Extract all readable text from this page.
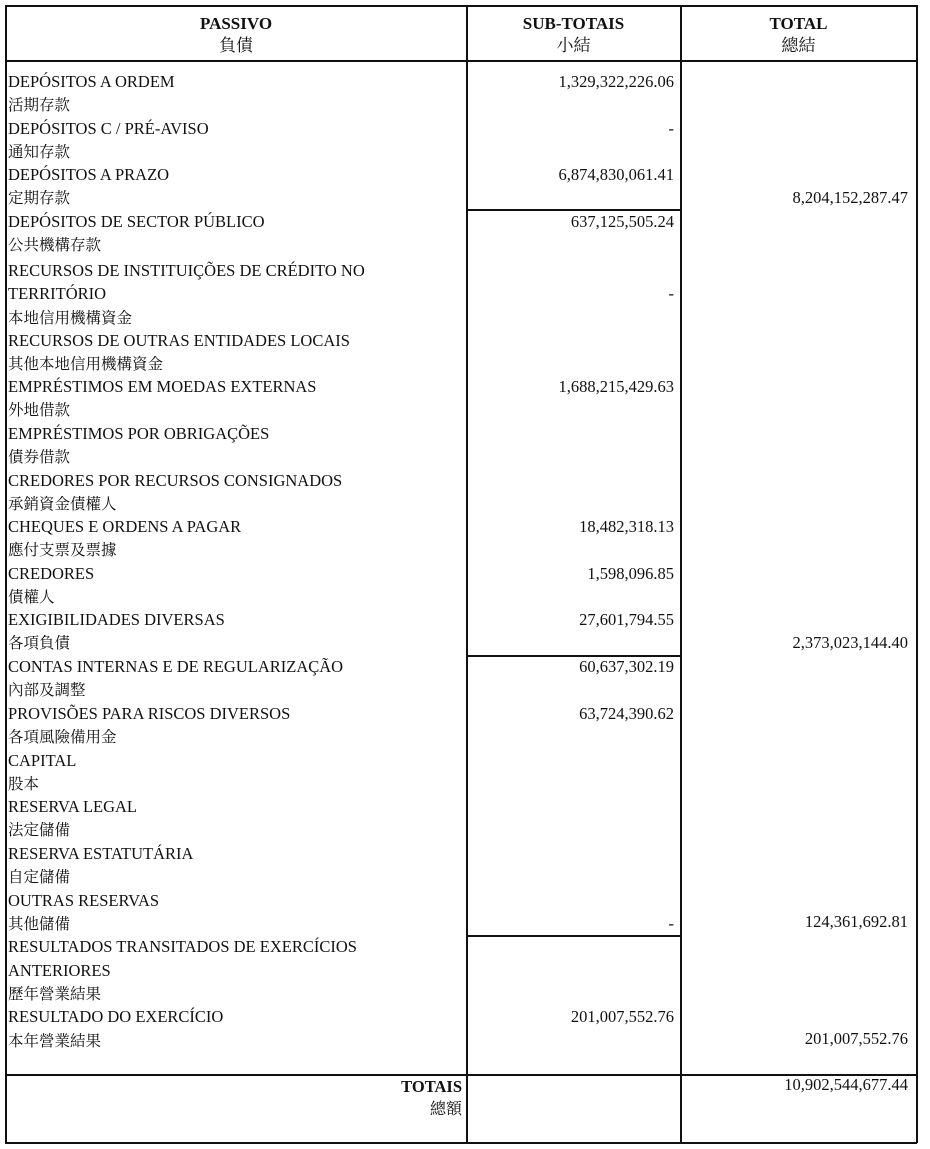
PASSIVO
負債
SUB-TOTAIS
小結
TOTAL
總結
DEPÓSITOS A ORDEM
活期存款
1,329,322,226.06
DEPÓSITOS C / PRÉ-AVISO
通知存款
-
DEPÓSITOS A PRAZO
定期存款
6,874,830,061.41
8,204,152,287.47
DEPÓSITOS DE SECTOR PÚBLICO
公共機構存款
637,125,505.24
RECURSOS DE INSTITUIÇÕES DE CRÉDITO NO
TERRITÓRIO
本地信用機構資金
-
RECURSOS DE OUTRAS ENTIDADES LOCAIS
其他本地信用機構資金
EMPRÉSTIMOS EM MOEDAS EXTERNAS
外地借款
1,688,215,429.63
EMPRÉSTIMOS POR OBRIGAÇÕES
債券借款
CREDORES POR RECURSOS CONSIGNADOS
承銷資金債權人
CHEQUES E ORDENS A PAGAR
應付支票及票據
18,482,318.13
CREDORES
債權人
1,598,096.85
EXIGIBILIDADES DIVERSAS
各項負債
27,601,794.55
2,373,023,144.40
CONTAS INTERNAS E DE REGULARIZAÇÃO
內部及調整
60,637,302.19
PROVISÕES PARA RISCOS DIVERSOS
各項風險備用金
63,724,390.62
CAPITAL
股本
RESERVA LEGAL
法定儲備
RESERVA ESTATUTÁRIA
自定儲備
OUTRAS RESERVAS
其他儲備	-	124,361,692.81
RESULTADOS TRANSITADOS DE EXERCÍCIOS
ANTERIORES
歷年營業結果
RESULTADO DO EXERCÍCIO
本年營業結果
201,007,552.76
201,007,552.76
TOTAIS
總額
10,902,544,677.44
